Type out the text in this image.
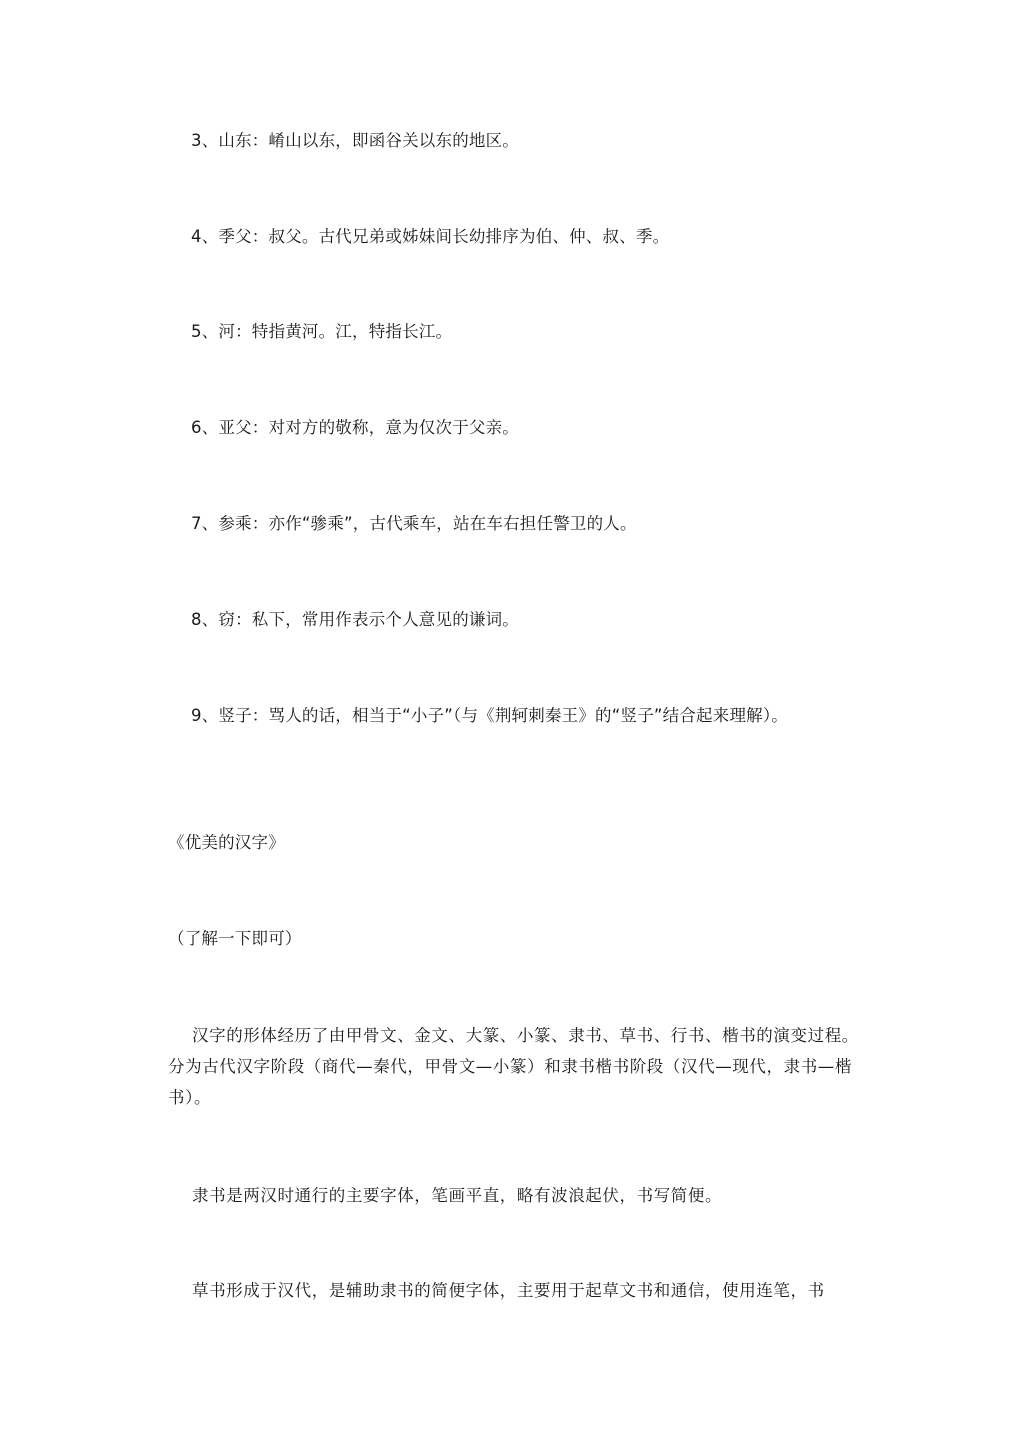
3、山东：崤山以东，即函谷关以东的地区。
4、季父：叔父。古代兄弟或姊妹间长幼排序为伯、仲、叔、季。
5、河：特指黄河。江，特指长江。
6、亚父：对对方的敬称，意为仅次于父亲。
7、参乘：亦作“骖乘”，古代乘车，站在车右担任警卫的人。
8、窃：私下，常用作表示个人意见的谦词。
9、竖子：骂人的话，相当于“小子”（与《荆轲刺秦王》的“竖子”结合起来理解）。
《优美的汉字》
（了解一下即可）
汉字的形体经历了由甲骨文、金文、大篆、小篆、隶书、草书、行书、楷书的演变过程。分为古代汉字阶段（商代—秦代，甲骨文—小篆）和隶书楷书阶段（汉代—现代，隶书—楷书）。
隶书是两汉时通行的主要字体，笔画平直，略有波浪起伏，书写简便。
草书形成于汉代，是辅助隶书的简便字体，主要用于起草文书和通信，使用连笔，书
